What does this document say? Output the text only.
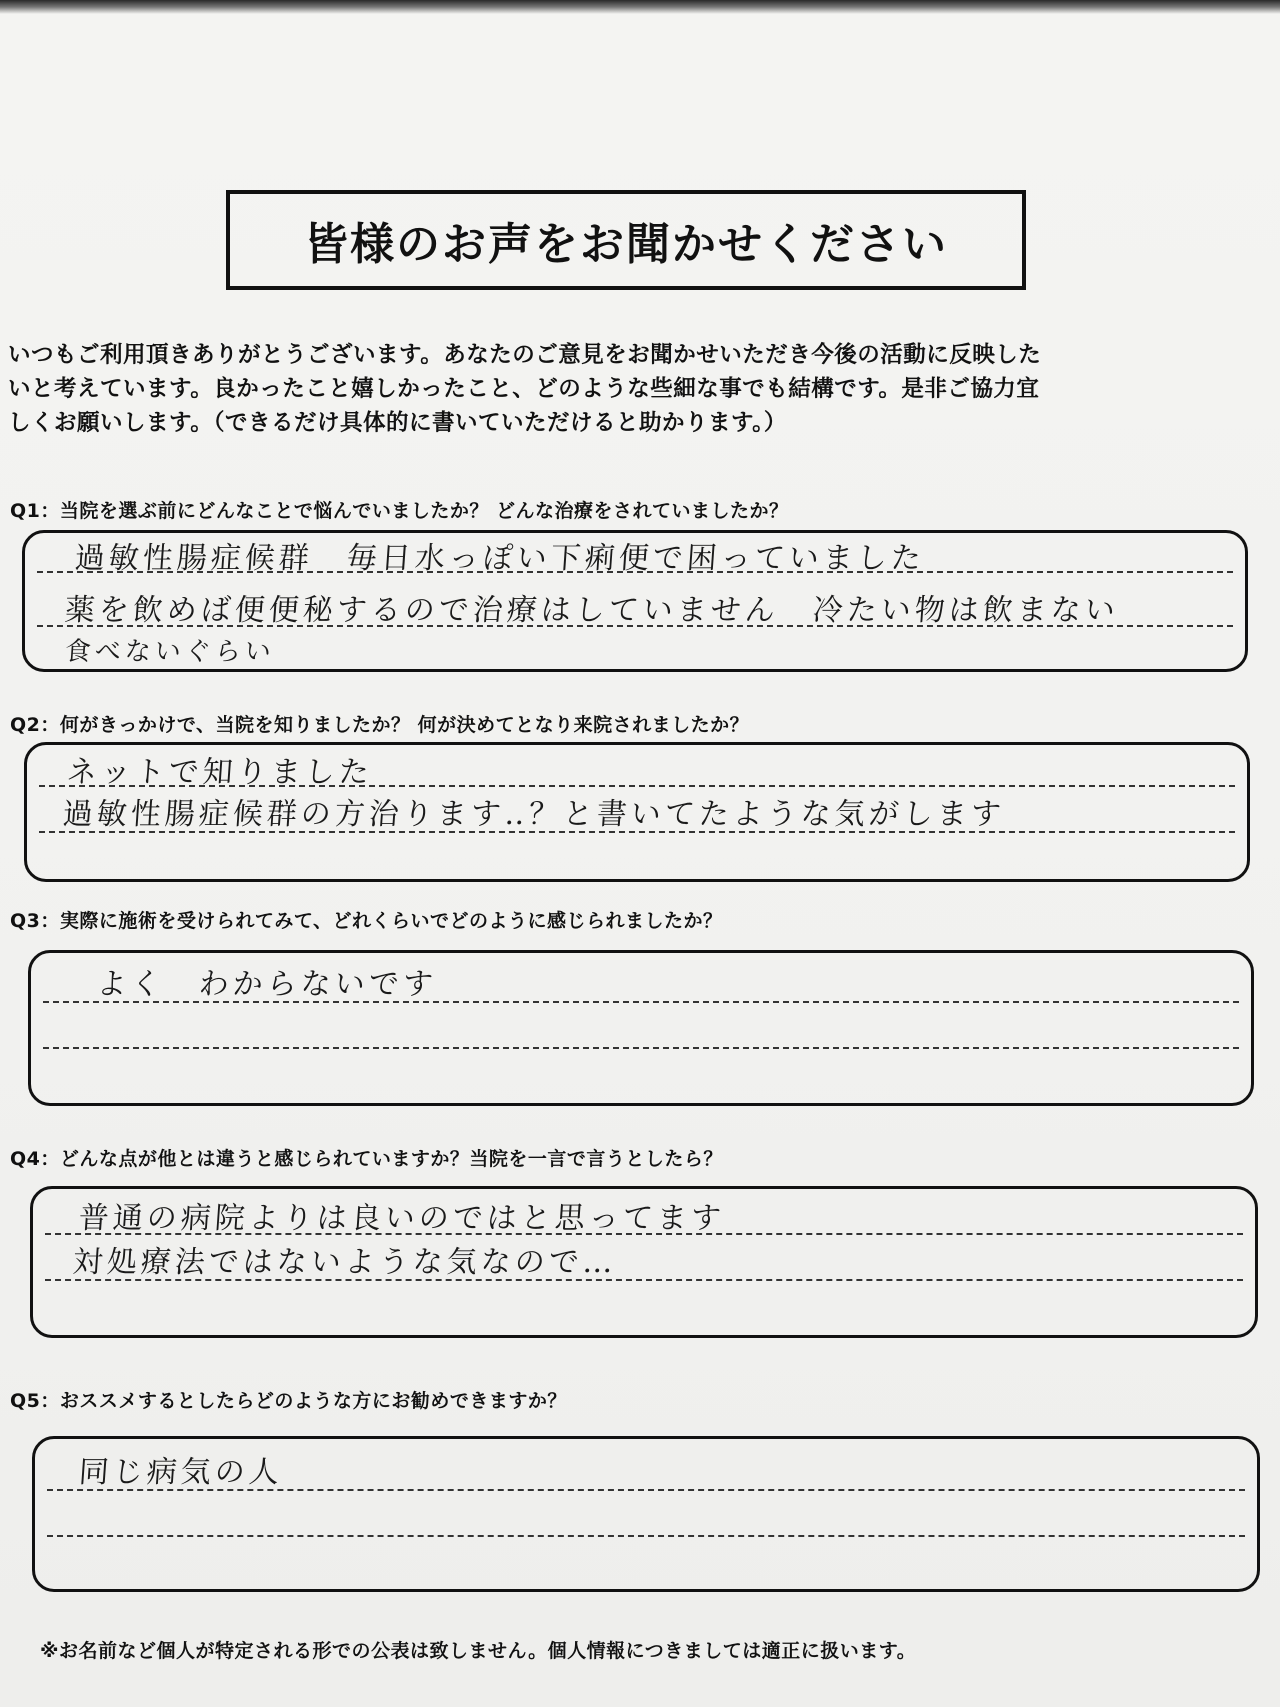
皆様のお声をお聞かせください
いつもご利用頂きありがとうございます。あなたのご意見をお聞かせいただき今後の活動に反映した
いと考えています。良かったこと嬉しかったこと、どのような些細な事でも結構です。是非ご協力宜
しくお願いします。（できるだけ具体的に書いていただけると助かります。）
Q1：当院を選ぶ前にどんなことで悩んでいましたか？ どんな治療をされていましたか？
過敏性腸症候群　毎日水っぽい下痢便で困っていました
薬を飲めば便便秘するので治療はしていません　冷たい物は飲まない
食べないぐらい
Q2：何がきっかけで、当院を知りましたか？ 何が決めてとなり来院されましたか？
ネットで知りました
過敏性腸症候群の方治ります‥？と書いてたような気がします
Q3：実際に施術を受けられてみて、どれくらいでどのように感じられましたか？
よく　わからないです
Q4：どんな点が他とは違うと感じられていますか？当院を一言で言うとしたら？
普通の病院よりは良いのではと思ってます
対処療法ではないような気なので…
Q5：おススメするとしたらどのような方にお勧めできますか？
同じ病気の人
※お名前など個人が特定される形での公表は致しません。個人情報につきましては適正に扱います。
